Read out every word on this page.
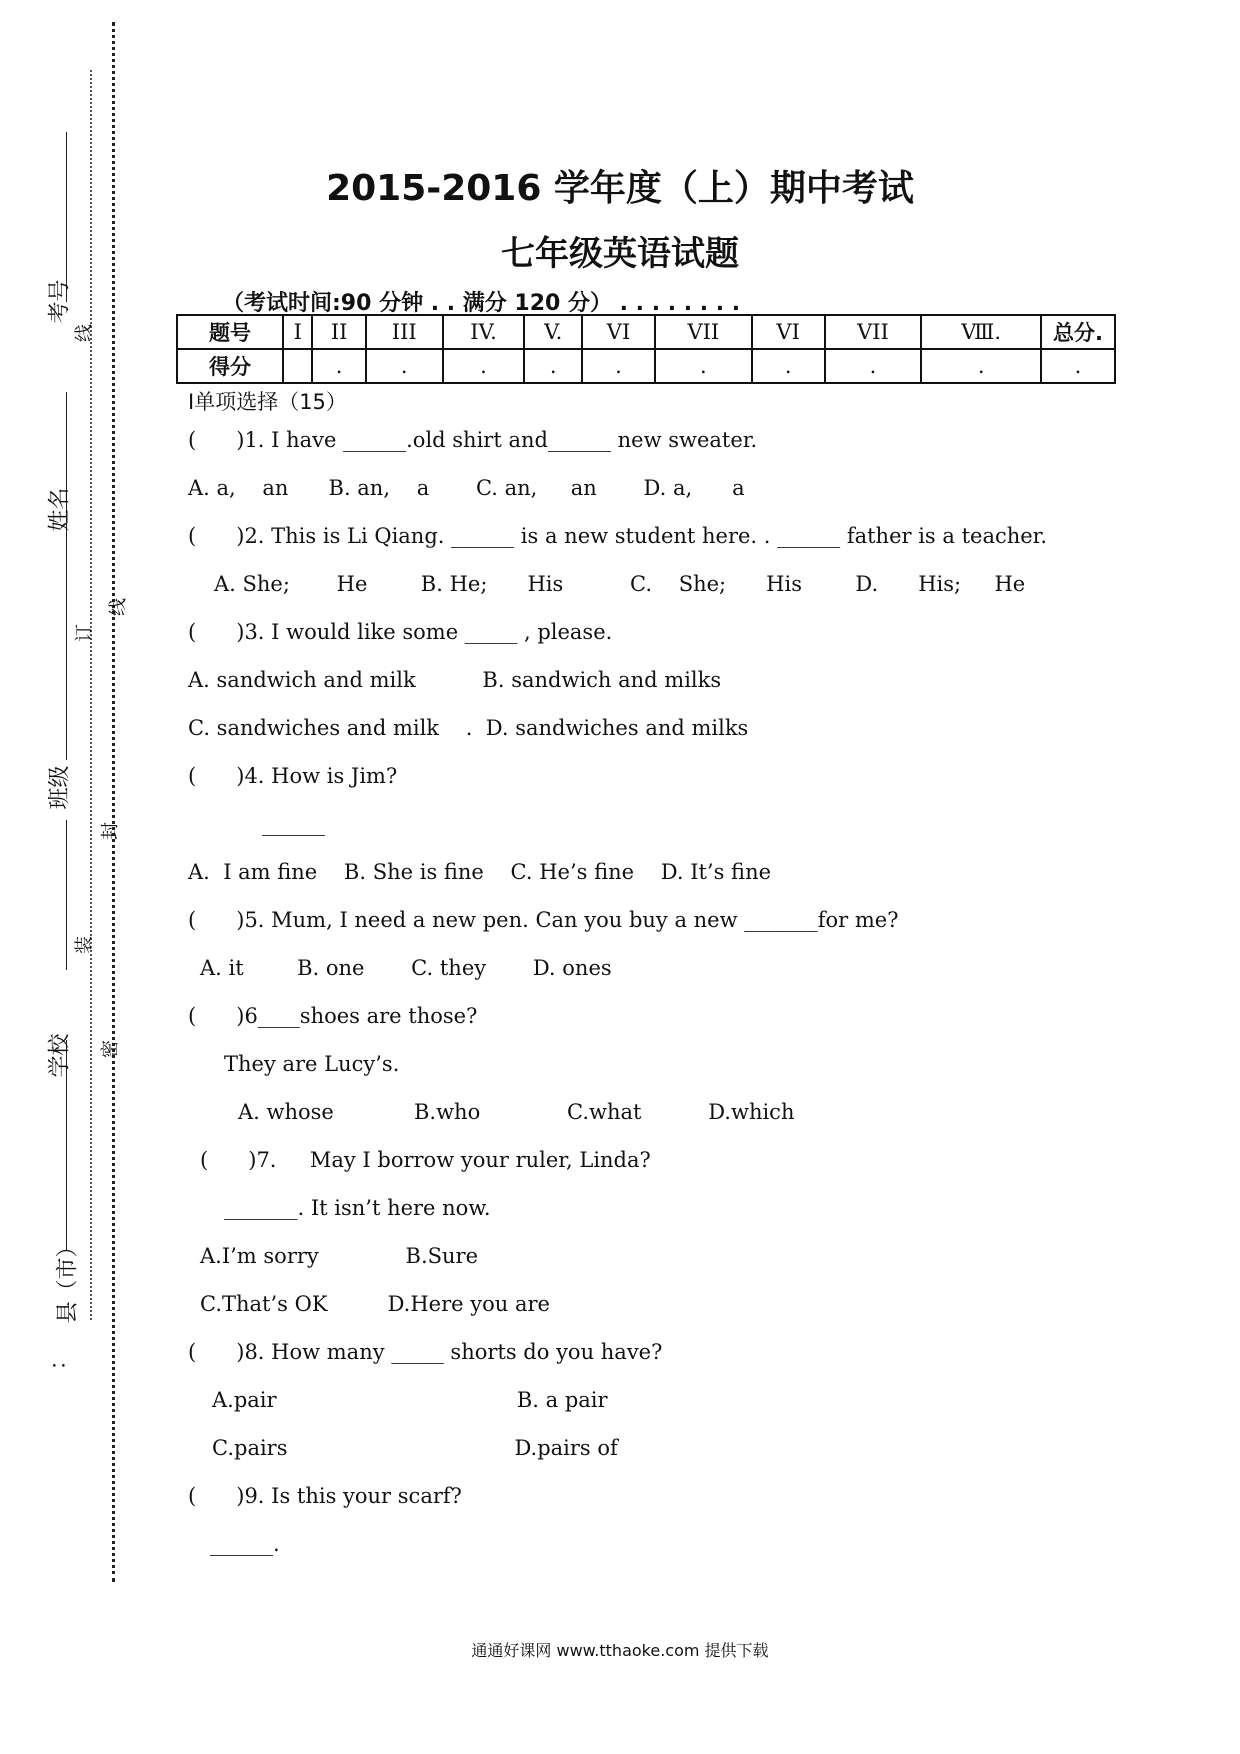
考号
姓名
班级
学校
县（市）
：
线
线
订
封
装
密
2015-2016 学年度（上）期中考试
七年级英语试题
（考试时间:90 分钟 . . 满分 120 分） . . . . . . . .
题号	I	II	III	IV.	V.	VI	VII	VI	VII	Ⅷ.	总分.
得分		.	.	.	.	.	.	.	.	.	.
I单项选择（15）
(      )1. I have ______.old shirt and______ new sweater.
A. a,    an      B. an,    a       C. an,     an       D. a,      a
(      )2. This is Li Qiang. ______ is a new student here. . ______ father is a teacher.
A. She;       He        B. He;      His          C.    She;      His        D.      His;     He
(      )3. I would like some _____ , please.
A. sandwich and milk          B. sandwich and milks
C. sandwiches and milk    .  D. sandwiches and milks
(      )4. How is Jim?
______
A.  I am fine    B. She is fine    C. He’s fine    D. It’s fine
(      )5. Mum, I need a new pen. Can you buy a new _______for me?
A. it        B. one       C. they       D. ones
(      )6____shoes are those?
They are Lucy’s.
A. whose            B.who             C.what          D.which
(      )7.     May I borrow your ruler, Linda?
_______. It isn’t here now.
A.I’m sorry             B.Sure
C.That’s OK         D.Here you are
(      )8. How many _____ shorts do you have?
A.pair                                    B. a pair
C.pairs                                  D.pairs of
(      )9. Is this your scarf?
______.
通通好课网 www.tthaoke.com 提供下载
